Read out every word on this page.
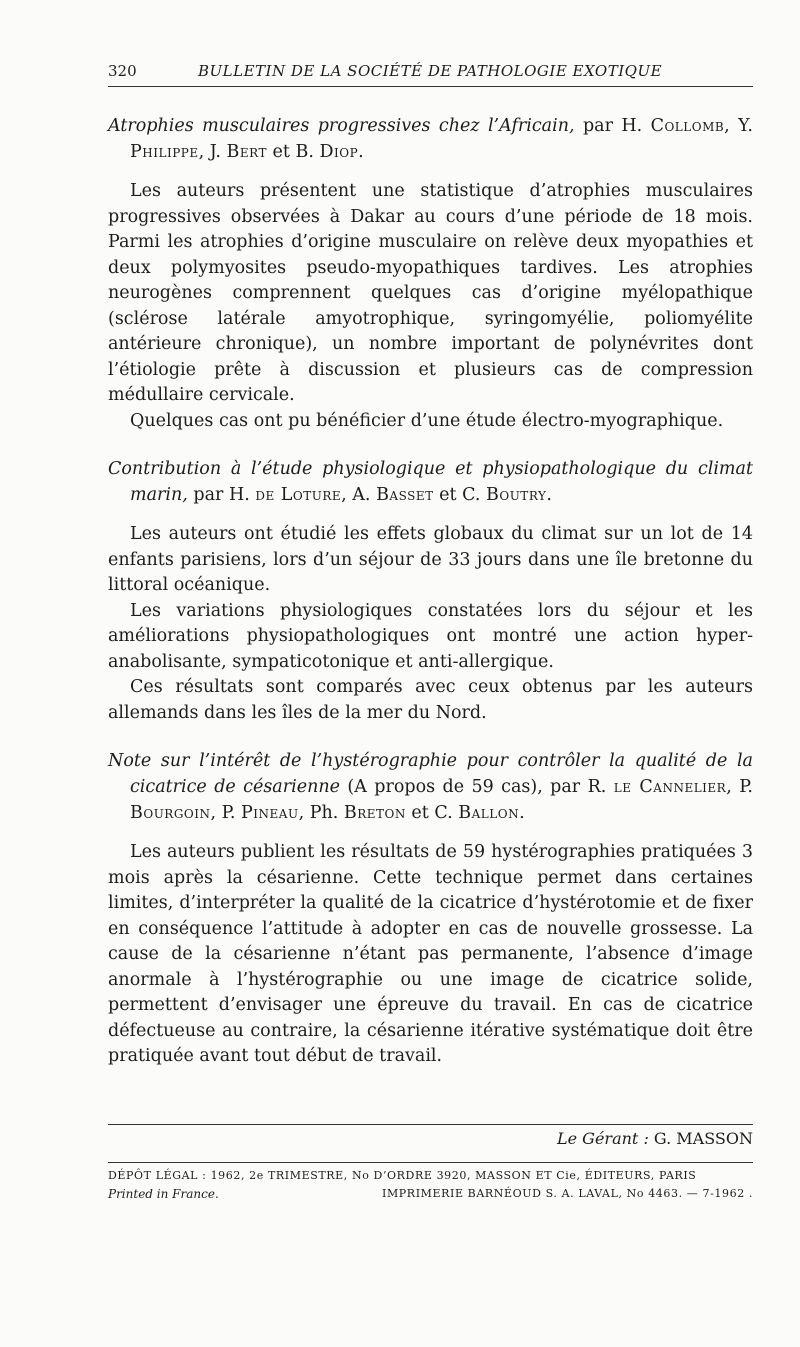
320	BULLETIN DE LA SOCIÉTÉ DE PATHOLOGIE EXOTIQUE
Atrophies musculaires progressives chez l’Africain, par H. Collomb, Y. Philippe, J. Bert et B. Diop.

Les auteurs présentent une statistique d’atrophies musculaires progressives observées à Dakar au cours d’une période de 18 mois. Parmi les atrophies d’origine musculaire on relève deux myopathies et deux polymyosites pseudo-myopathiques tardives. Les atrophies neurogènes comprennent quelques cas d’origine myélopathique (sclérose latérale amyotrophique, syringomyélie, poliomyélite antérieure chronique), un nombre important de polynévrites dont l’étiologie prête à discussion et plusieurs cas de compression médullaire cervicale.

Quelques cas ont pu bénéficier d’une étude électro-myographique.

Contribution à l’étude physiologique et physiopathologique du climat marin, par H. de Loture, A. Basset et C. Boutry.

Les auteurs ont étudié les effets globaux du climat sur un lot de 14 enfants parisiens, lors d’un séjour de 33 jours dans une île bretonne du littoral océanique.

Les variations physiologiques constatées lors du séjour et les améliorations physiopathologiques ont montré une action hyper-anabolisante, sympaticotonique et anti-allergique.

Ces résultats sont comparés avec ceux obtenus par les auteurs allemands dans les îles de la mer du Nord.

Note sur l’intérêt de l’hystérographie pour contrôler la qualité de la cicatrice de césarienne (A propos de 59 cas), par R. le Cannelier, P. Bourgoin, P. Pineau, Ph. Breton et C. Ballon.

Les auteurs publient les résultats de 59 hystérographies pratiquées 3 mois après la césarienne. Cette technique permet dans certaines limites, d’interpréter la qualité de la cicatrice d’hystérotomie et de fixer en conséquence l’attitude à adopter en cas de nouvelle grossesse. La cause de la césarienne n’étant pas permanente, l’absence d’image anormale à l’hystérographie ou une image de cicatrice solide, permettent d’envisager une épreuve du travail. En cas de cicatrice défectueuse au contraire, la césarienne itérative systématique doit être pratiquée avant tout début de travail.

Le Gérant : G. MASSON
DÉPÔT LÉGAL : 1962, 2e TRIMESTRE, No D’ORDRE 3920, MASSON ET Cie, ÉDITEURS, PARIS
Printed in France.	IMPRIMERIE BARNÉOUD S. A. LAVAL, No 4463. — 7-1962 .
